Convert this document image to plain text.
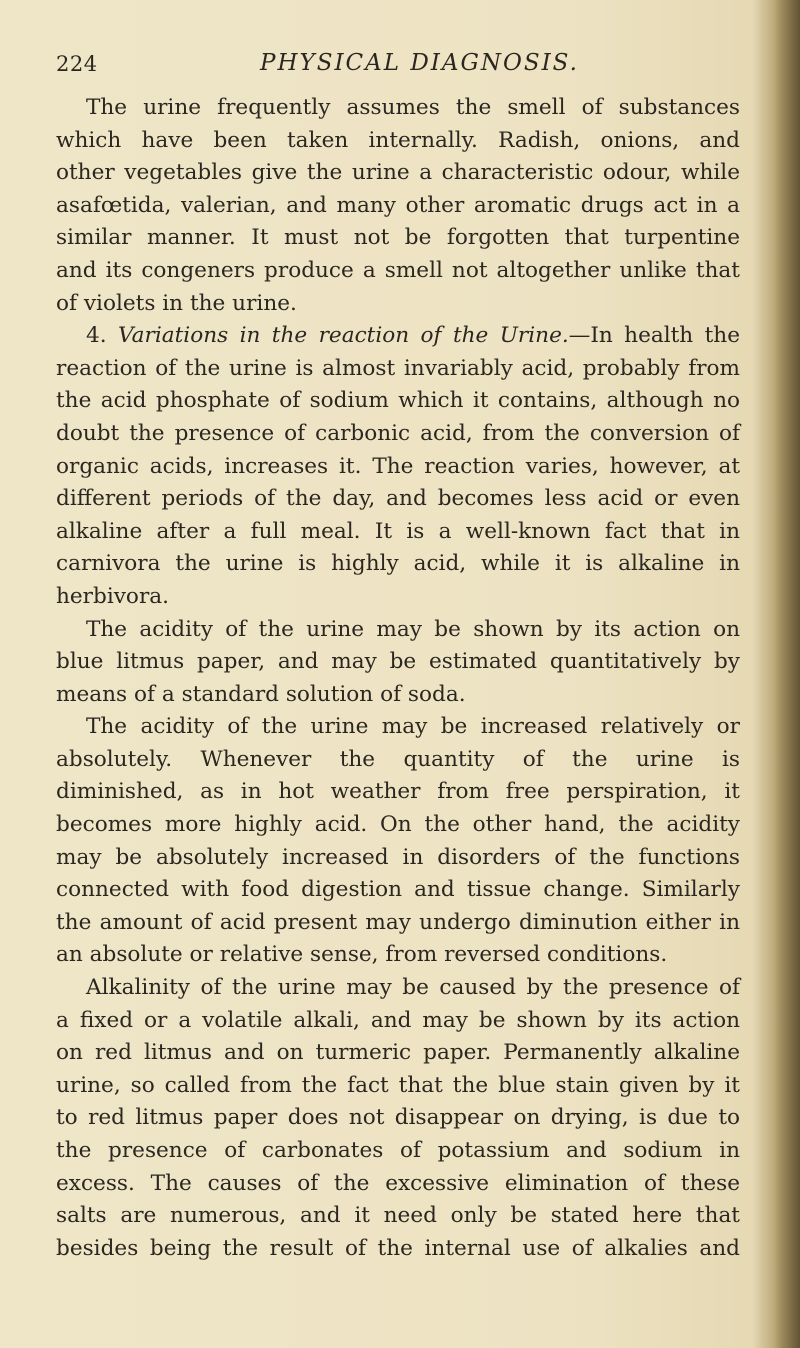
224	PHYSICAL DIAGNOSIS.
The urine frequently assumes the smell of substances
which have been taken internally. Radish, onions, and
other vegetables give the urine a characteristic odour, while
asafœtida, valerian, and many other aromatic drugs act in a
similar manner. It must not be forgotten that turpentine
and its congeners produce a smell not altogether unlike that
of violets in the urine.
4. Variations in the reaction of the Urine.—In health the
reaction of the urine is almost invariably acid, probably from
the acid phosphate of sodium which it contains, although no
doubt the presence of carbonic acid, from the conversion of
organic acids, increases it. The reaction varies, however, at
different periods of the day, and becomes less acid or even
alkaline after a full meal. It is a well-known fact that in
carnivora the urine is highly acid, while it is alkaline in
herbivora.
The acidity of the urine may be shown by its action on
blue litmus paper, and may be estimated quantitatively by
means of a standard solution of soda.
The acidity of the urine may be increased relatively or
absolutely. Whenever the quantity of the urine is
diminished, as in hot weather from free perspiration, it
becomes more highly acid. On the other hand, the acidity
may be absolutely increased in disorders of the functions
connected with food digestion and tissue change. Similarly
the amount of acid present may undergo diminution either in
an absolute or relative sense, from reversed conditions.
Alkalinity of the urine may be caused by the presence of
a fixed or a volatile alkali, and may be shown by its action
on red litmus and on turmeric paper. Permanently alkaline
urine, so called from the fact that the blue stain given by it
to red litmus paper does not disappear on drying, is due to
the presence of carbonates of potassium and sodium in
excess. The causes of the excessive elimination of these
salts are numerous, and it need only be stated here that
besides being the result of the internal use of alkalies and
